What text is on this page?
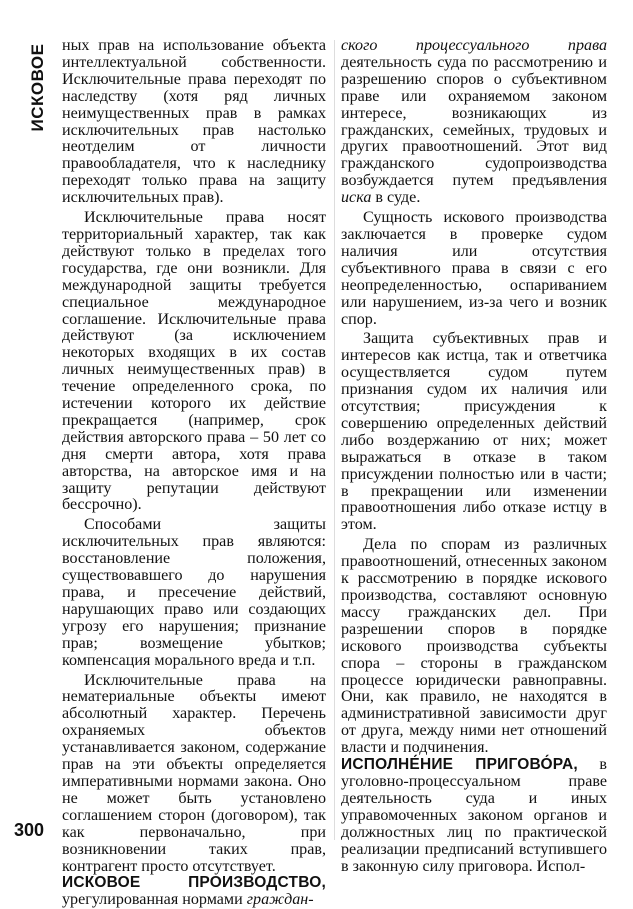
ИСКОВОЕ ных прав на использование объекта интеллектуальной собственности. Исключительные права переходят по наследству (хотя ряд личных неимущественных прав в рамках исключительных прав настолько неотделим от личности правообладателя, что к наследнику переходят только права на защиту исключительных прав).

Исключительные права носят территориальный характер, так как действуют только в пределах того государства, где они возникли. Для международной защиты требуется специальное международное соглашение. Исключительные права действуют (за исключением некоторых входящих в их состав личных неимущественных прав) в течение определенного срока, по истечении которого их действие прекращается (например, срок действия авторского права – 50 лет со дня смерти автора, хотя права авторства, на авторское имя и на защиту репутации действуют бессрочно).

Способами защиты исключительных прав являются: восстановление положения, существовавшего до нарушения права, и пресечение действий, нарушающих право или создающих угрозу его нарушения; признание прав; возмещение убытков; компенсация морального вреда и т.п.

Исключительные права на нематериальные объекты имеют абсолютный характер. Перечень охраняемых объектов устанавливается законом, содержание прав на эти объекты определяется императивными нормами закона. Оно не может быть установлено соглашением сторон (договором), так как первоначально, при возникновении таких прав, контрагент просто отсутствует.

ИСКОВОЕ ПРОИЗВОДСТВО, урегулированная нормами граждан-

ского процессуального права деятельность суда по рассмотрению и разрешению споров о субъективном праве или охраняемом законом интересе, возникающих из гражданских, семейных, трудовых и других правоотношений. Этот вид гражданского судопроизводства возбуждается путем предъявления иска в суде.

Сущность искового производства заключается в проверке судом наличия или отсутствия субъективного права в связи с его неопределенностью, оспариванием или нарушением, из-за чего и возник спор.

Защита субъективных прав и интересов как истца, так и ответчика осуществляется судом путем признания судом их наличия или отсутствия; присуждения к совершению определенных действий либо воздержанию от них; может выражаться в отказе в таком присуждении полностью или в части; в прекращении или изменении правоотношения либо отказе истцу в этом.

Дела по спорам из различных правоотношений, отнесенных законом к рассмотрению в порядке искового производства, составляют основную массу гражданских дел. При разрешении споров в порядке искового производства субъекты спора – стороны в гражданском процессе юридически равноправны. Они, как правило, не находятся в административной зависимости друг от друга, между ними нет отношений власти и подчинения.

ИСПОЛНЕ́НИЕ ПРИГОВО́РА, в уголовно-процессуальном праве деятельность суда и иных управомоченных законом органов и должностных лиц по практической реализации предписаний вступившего в законную силу приговора. Испол-

300
